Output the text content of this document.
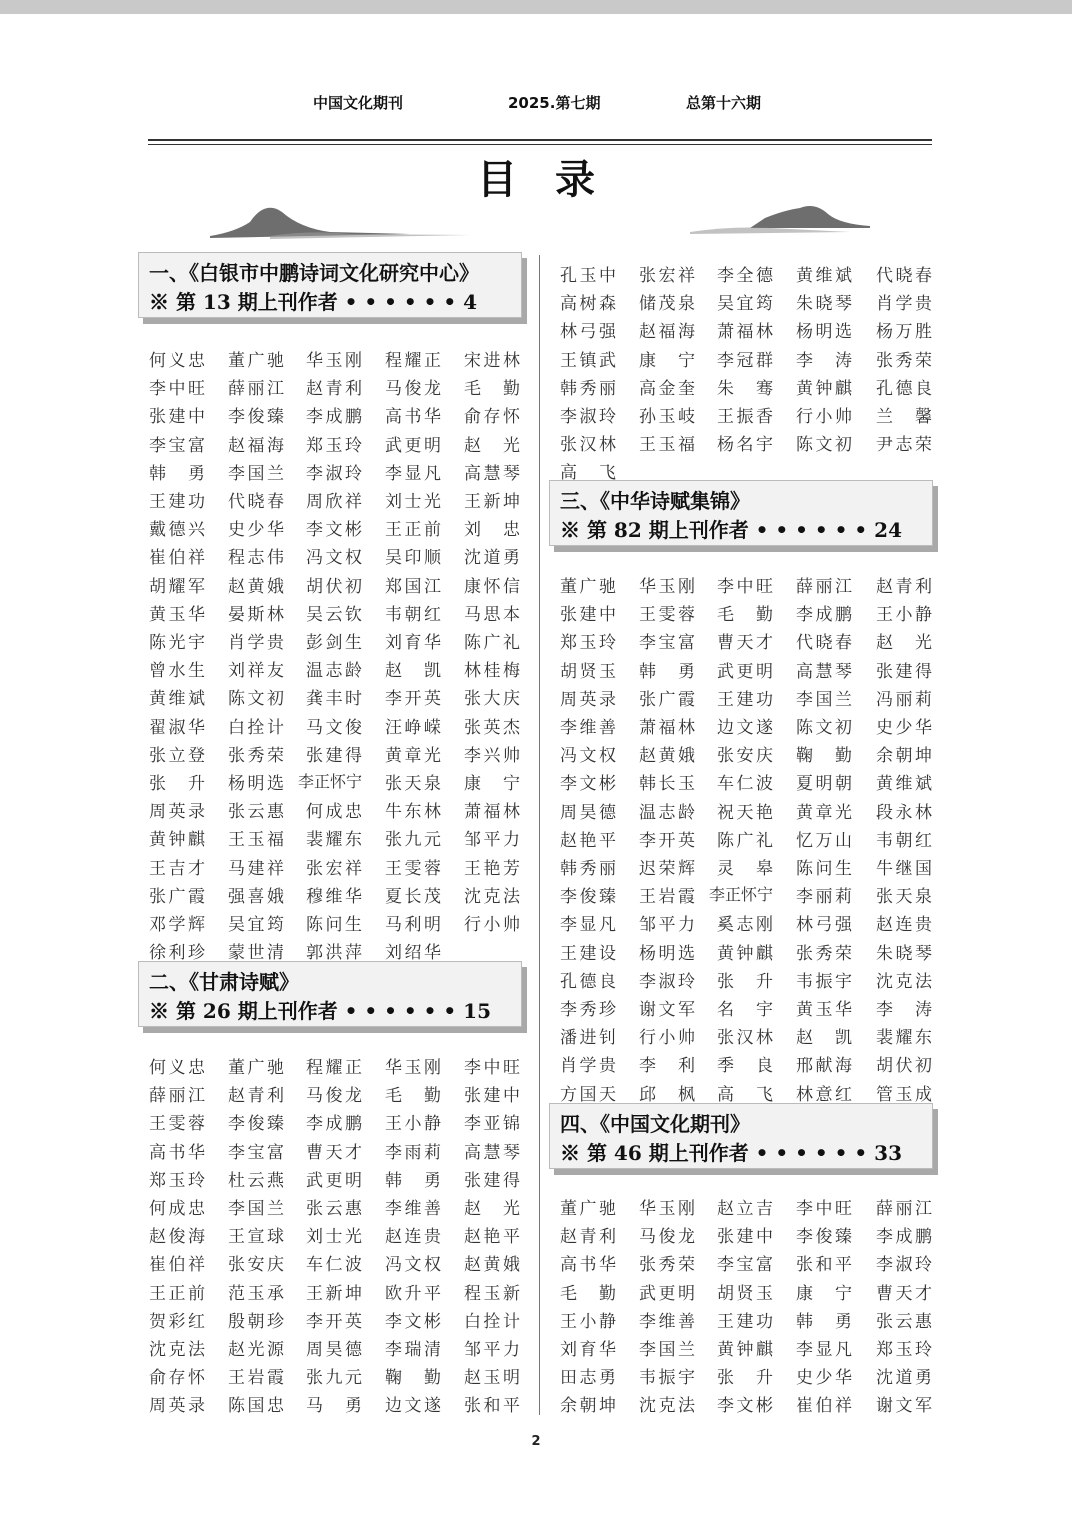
中国文化期刊	2025.第七期	总第十六期
目录
一、《白银市中鹏诗词文化研究中心》
※ 第 13 期上刊作者 • • • • • • 4
二、《甘肃诗赋》
※ 第 26 期上刊作者 • • • • • • 15
三、《中华诗赋集锦》
※ 第 82 期上刊作者 • • • • • • 24
四、《中国文化期刊》
※ 第 46 期上刊作者 • • • • • • 33
何义忠 董广驰 华玉刚 程耀正 宋进林
李中旺 薛丽江 赵青利 马俊龙 毛　勤
张建中 李俊臻 李成鹏 高书华 俞存怀
李宝富 赵福海 郑玉玲 武更明 赵　光
韩　勇 李国兰 李淑玲 李显凡 高慧琴
王建功 代晓春 周欣祥 刘士光 王新坤
戴德兴 史少华 李文彬 王正前 刘　忠
崔伯祥 程志伟 冯文权 吴印顺 沈道勇
胡耀军 赵黄娥 胡伏初 郑国江 康怀信
黄玉华 晏斯林 吴云钦 韦朝红 马思本
陈光宇 肖学贵 彭剑生 刘育华 陈广礼
曾水生 刘祥友 温志龄 赵　凯 林桂梅
黄维斌 陈文初 龚丰时 李开英 张大庆
翟淑华 白拴计 马文俊 汪峥嵘 张英杰
张立登 张秀荣 张建得 黄章光 李兴帅
张　升 杨明选 李正怀宁	张天泉 康　宁
周英录 张云惠 何成忠 牛东林 萧福林
黄钟麒 王玉福 裴耀东 张九元 邹平力
王吉才 马建祥 张宏祥 王雯蓉 王艳芳
张广霞 强喜娥 穆维华 夏长茂 沈克法
邓学辉 吴宜筠 陈问生 马利明 行小帅
徐利珍 蒙世清 郭洪萍 刘绍华
何义忠 董广驰 程耀正 华玉刚 李中旺
薛丽江 赵青利 马俊龙 毛　勤 张建中
王雯蓉 李俊臻 李成鹏 王小静 李亚锦
高书华 李宝富 曹天才 李雨莉 高慧琴
郑玉玲 杜云燕 武更明 韩　勇 张建得
何成忠 李国兰 张云惠 李维善 赵　光
赵俊海 王宣球 刘士光 赵连贵 赵艳平
崔伯祥 张安庆 车仁波 冯文权 赵黄娥
王正前 范玉承 王新坤 欧升平 程玉新
贺彩红 殷朝珍 李开英 李文彬 白拴计
沈克法 赵光源 周昊德 李瑞清 邹平力
俞存怀 王岩霞 张九元 鞠　勤 赵玉明
周英录 陈国忠 马　勇 边文遂 张和平
孔玉中 张宏祥 李全德 黄维斌 代晓春
高树森 储茂泉 吴宜筠 朱晓琴 肖学贵
林弓强 赵福海 萧福林 杨明选 杨万胜
王镇武 康　宁 李冠群 李　涛 张秀荣
韩秀丽 高金奎 朱　骞 黄钟麒 孔德良
李淑玲 孙玉岐 王振香 行小帅 兰　馨
张汉林 王玉福 杨名宇 陈文初 尹志荣
高　飞
董广驰 华玉刚 李中旺 薛丽江 赵青利
张建中 王雯蓉 毛　勤 李成鹏 王小静
郑玉玲 李宝富 曹天才 代晓春 赵　光
胡贤玉 韩　勇 武更明 高慧琴 张建得
周英录 张广霞 王建功 李国兰 冯丽莉
李维善 萧福林 边文遂 陈文初 史少华
冯文权 赵黄娥 张安庆 鞠　勤 余朝坤
李文彬 韩长玉 车仁波 夏明朝 黄维斌
周昊德 温志龄 祝天艳 黄章光 段永林
赵艳平 李开英 陈广礼 忆万山 韦朝红
韩秀丽 迟荣辉 灵　皋 陈问生 牛继国
李俊臻 王岩霞 李正怀宁	李丽莉 张天泉
李显凡 邹平力 奚志刚 林弓强 赵连贵
王建设 杨明选 黄钟麒 张秀荣 朱晓琴
孔德良 李淑玲 张　升 韦振宇 沈克法
李秀珍 谢文军 名　宇 黄玉华 李　涛
潘进钊 行小帅 张汉林 赵　凯 裴耀东
肖学贵 李　利 季　良 邢献海 胡伏初
方国天 邱　枫 高　飞 林意红 管玉成
董广驰 华玉刚 赵立吉 李中旺 薛丽江
赵青利 马俊龙 张建中 李俊臻 李成鹏
高书华 张秀荣 李宝富 张和平 李淑玲
毛　勤 武更明 胡贤玉 康　宁 曹天才
王小静 李维善 王建功 韩　勇 张云惠
刘育华 李国兰 黄钟麒 李显凡 郑玉玲
田志勇 韦振宇 张　升 史少华 沈道勇
余朝坤 沈克法 李文彬 崔伯祥 谢文军
2
